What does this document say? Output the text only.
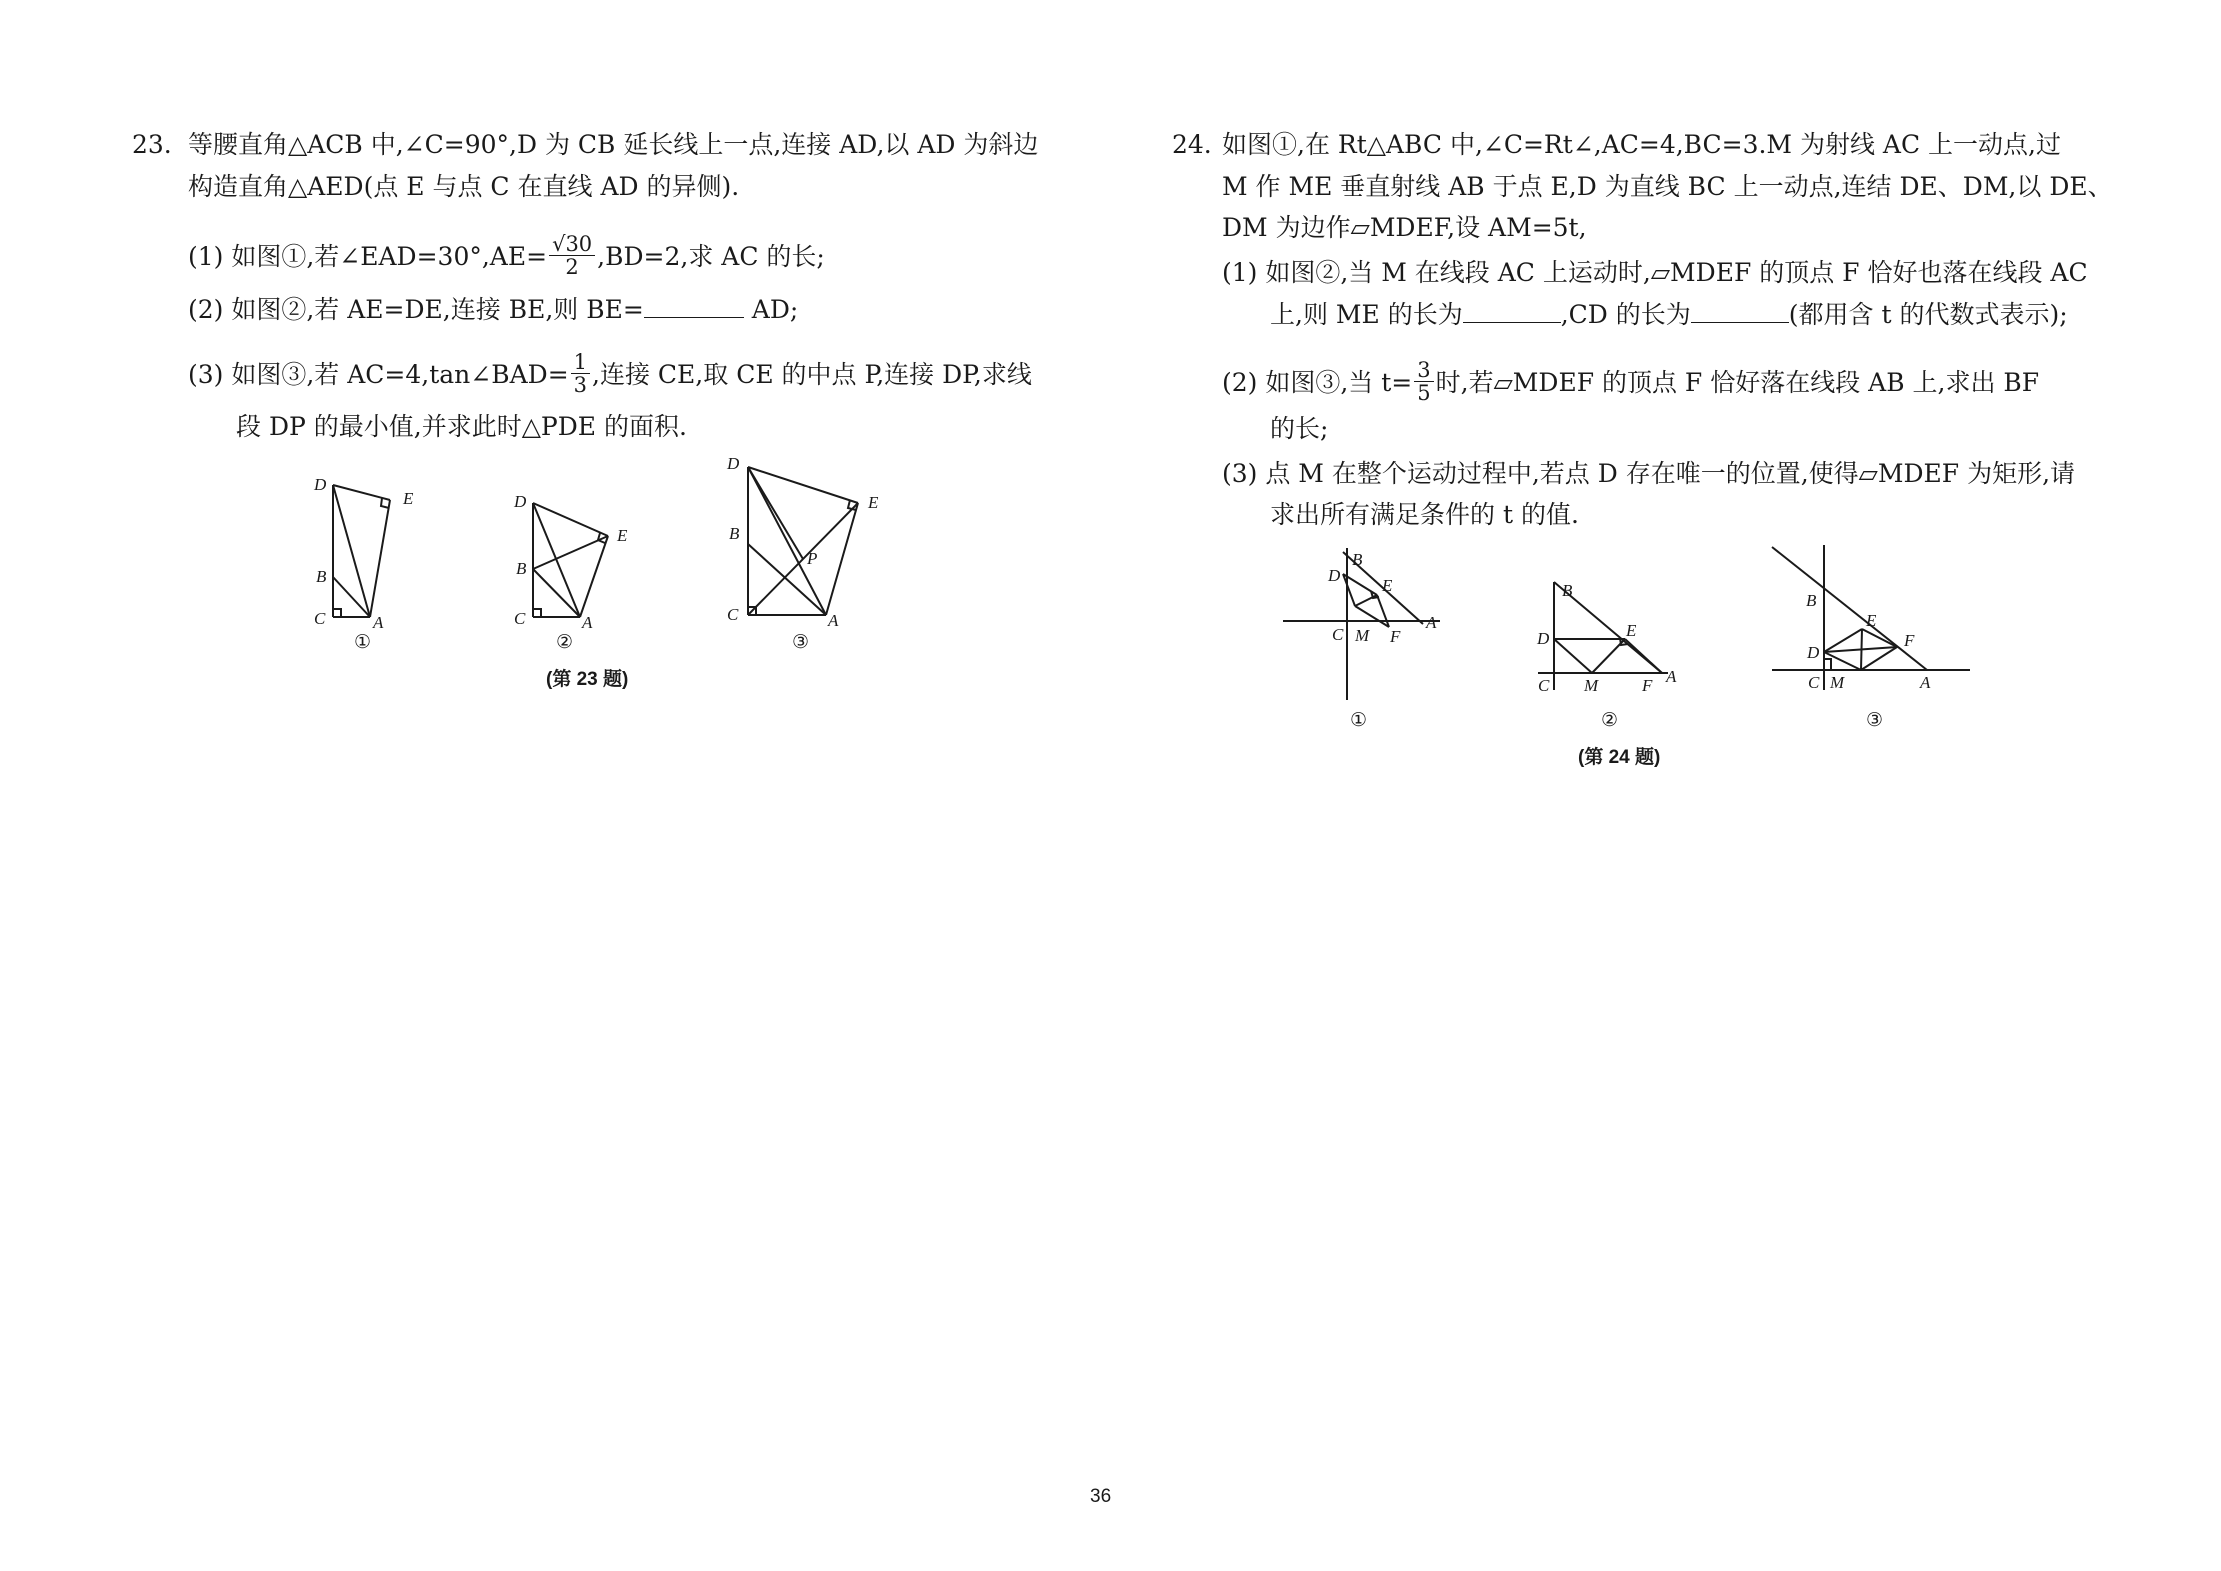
23. 等腰直角△ACB 中,∠C=90°,D 为 CB 延长线上一点,连接 AD,以 AD 为斜边
构造直角△AED(点 E 与点 C 在直线 AD 的异侧).
(1) 如图①,若∠EAD=30°,AE= $\frac{√30}{2} ,BD=2$,求 AC 的长;
(2) 如图②,若 AE=DE,连接 BE,则 BE=	AD;
(3) 如图③,若 AC=4,tan∠BAD= $\frac{1}{3}$ ,连接 CE,取 CE 的中点 P,连接 DP,求线
段 DP 的最小值,并求此时△PDE 的面积.
D
E
B
C	A
①
D
E
B
C	A
②
D
E
B
P
C	A
③
(第 23 题)
24. 如图①,在 Rt△ABC 中,∠C=Rt∠,AC=4,BC=3.M 为射线 AC 上一动点,过
M 作 ME 垂直射线 AB 于点 E,D 为直线 BC 上一动点,连结 DE、DM,以 DE、
DM 为边作▱MDEF,设 AM=5t,
(1) 如图②,当 M 在线段 AC 上运动时,▱MDEF 的顶点 F 恰好也落在线段 AC
上,则 ME 的长为	,CD 的长为	(都用含 t 的代数式表示);
(2) 如图③,当 $t= \frac{3}{5}$ 时,若▱MDEF 的顶点 F 恰好落在线段 AB 上,求出 BF
的长;
(3) 点 M 在整个运动过程中,若点 D 存在唯一的位置,使得▱MDEF 为矩形,请
求出所有满足条件的 t 的值.
D
B
E
A
C M F
①
B
E
D
C M	F A
②
B
E
F
D
C M	A
③
(第 24 题)
36
